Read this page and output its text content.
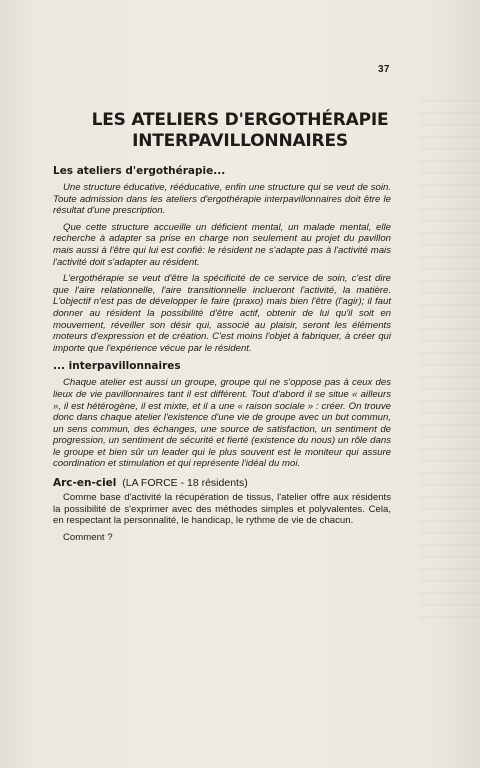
37
LES ATELIERS D'ERGOTHÉRAPIE
INTERPAVILLONNAIRES
Les ateliers d'ergothérapie...

Une structure éducative, rééducative, enfin une structure qui se veut de soin. Toute admission dans les ateliers d'ergothérapie interpavillonnaires doit être le résultat d'une prescription.

Que cette structure accueille un déficient mental, un malade mental, elle recherche à adapter sa prise en charge non seulement au projet du pavillon mais aussi à l'être qui lui est confié: le résident ne s'adapte pas à l'activité mais l'activité doit s'adapter au résident.

L'ergothérapie se veut d'être la spécificité de ce service de soin, c'est dire que l'aire relationnelle, l'aire transitionnelle inclueront l'activité, la matière. L'objectif n'est pas de développer le faire (praxo) mais bien l'être (l'agir); il faut donner au résident la possibilité d'être actif, obtenir de lui qu'il soit en mouvement, réveiller son désir qui, associé au plaisir, seront les éléments moteurs d'expression et de création. C'est moins l'objet à fabriquer, à créer qui importe que l'expérience vécue par le résident.

... interpavillonnaires

Chaque atelier est aussi un groupe, groupe qui ne s'oppose pas à ceux des lieux de vie pavillonnaires tant il est différent. Tout d'abord il se situe « ailleurs », il est hétérogène, il est mixte, et il a une « raison sociale » : créer. On trouve donc dans chaque atelier l'existence d'une vie de groupe avec un but commun, un sens commun, des échanges, une source de satisfaction, un sentiment de progression, un sentiment de sécurité et fierté (existence du nous) un rôle dans le groupe et bien sûr un leader qui le plus souvent est le moniteur qui assure coordination et stimulation et qui représente l'idéal du moi.

Arc-en-ciel (LA FORCE - 18 résidents)

Comme base d'activité la récupération de tissus, l'atelier offre aux résidents la possibilité de s'exprimer avec des méthodes simples et polyvalentes. Cela, en respectant la personnalité, le handicap, le rythme de vie de chacun.

Comment ?
